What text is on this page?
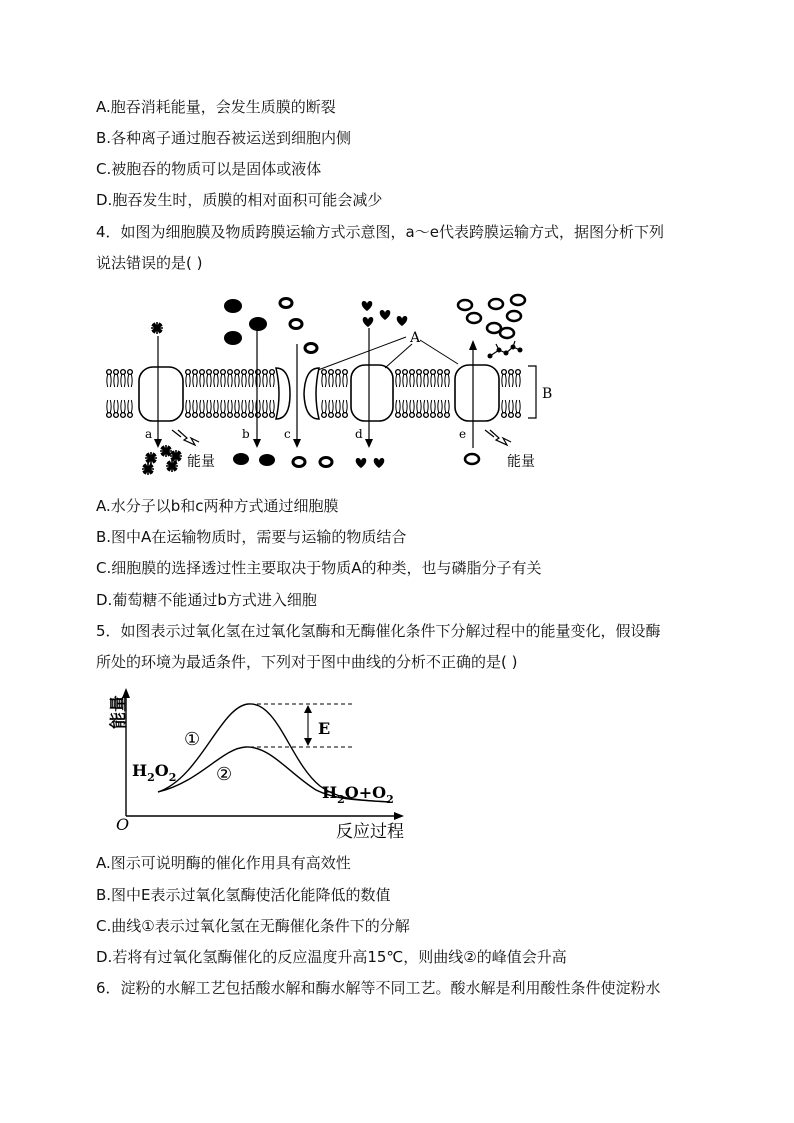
A.胞吞消耗能量，会发生质膜的断裂
B.各种离子通过胞吞被运送到细胞内侧
C.被胞吞的物质可以是固体或液体
D.胞吞发生时，质膜的相对面积可能会减少
4．如图为细胞膜及物质跨膜运输方式示意图，a～e代表跨膜运输方式，据图分析下列
说法错误的是( )
B
A
a	b	c	d	e
能量	能量
A.水分子以b和c两种方式通过细胞膜
B.图中A在运输物质时，需要与运输的物质结合
C.细胞膜的选择透过性主要取决于物质A的种类，也与磷脂分子有关
D.葡萄糖不能通过b方式进入细胞
5．如图表示过氧化氢在过氧化氢酶和无酶催化条件下分解过程中的能量变化，假设酶
所处的环境为最适条件，下列对于图中曲线的分析不正确的是( )
O
能量
反应过程
E
①
②
$H_2O_2$
$H_2O+O_2$
A.图示可说明酶的催化作用具有高效性
B.图中E表示过氧化氢酶使活化能降低的数值
C.曲线①表示过氧化氢在无酶催化条件下的分解
D.若将有过氧化氢酶催化的反应温度升高15℃，则曲线②的峰值会升高
6．淀粉的水解工艺包括酸水解和酶水解等不同工艺。酸水解是利用酸性条件使淀粉水
